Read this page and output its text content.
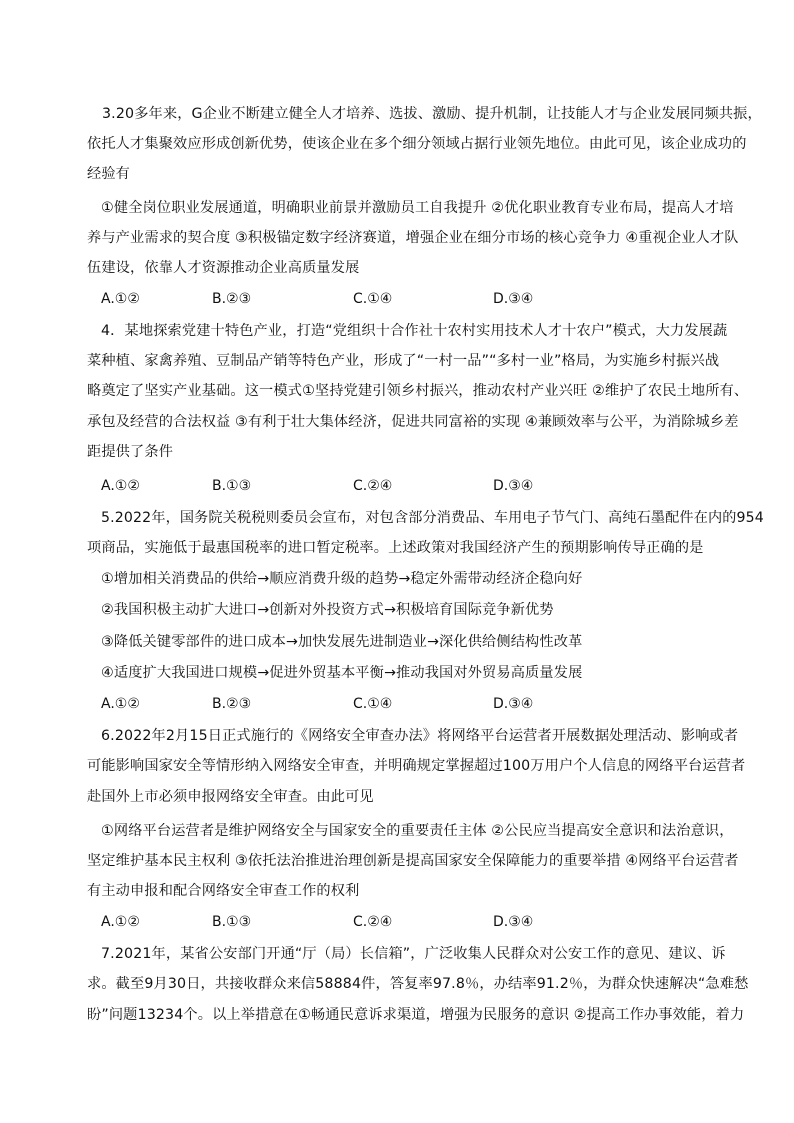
3.20多年来，G企业不断建立健全人才培养、选拔、激励、提升机制，让技能人才与企业发展同频共振，
依托人才集聚效应形成创新优势，使该企业在多个细分领域占据行业领先地位。由此可见，该企业成功的
经验有
①健全岗位职业发展通道，明确职业前景并激励员工自我提升 ②优化职业教育专业布局，提高人才培
养与产业需求的契合度 ③积极锚定数字经济赛道，增强企业在细分市场的核心竞争力 ④重视企业人才队
伍建设，依靠人才资源推动企业高质量发展
A.①②	B.②③	C.①④	D.③④
4．某地探索党建十特色产业，打造“党组织十合作社十农村实用技术人才十农户”模式，大力发展蔬
菜种植、家禽养殖、豆制品产销等特色产业，形成了“一村一品”“多村一业”格局，为实施乡村振兴战
略奠定了坚实产业基础。这一模式①坚持党建引领乡村振兴，推动农村产业兴旺 ②维护了农民土地所有、
承包及经营的合法权益 ③有利于壮大集体经济，促进共同富裕的实现 ④兼顾效率与公平，为消除城乡差
距提供了条件
A.①②	B.①③	C.②④	D.③④
5.2022年，国务院关税税则委员会宣布，对包含部分消费品、车用电子节气门、高纯石墨配件在内的954
项商品，实施低于最惠国税率的进口暂定税率。上述政策对我国经济产生的预期影响传导正确的是
①增加相关消费品的供给→顺应消费升级的趋势→稳定外需带动经济企稳向好
②我国积极主动扩大进口→创新对外投资方式→积极培育国际竞争新优势
③降低关键零部件的进口成本→加快发展先进制造业→深化供给侧结构性改革
④适度扩大我国进口规模→促进外贸基本平衡→推动我国对外贸易高质量发展
A.①②	B.②③	C.①④	D.③④
6.2022年2月15日正式施行的《网络安全审查办法》将网络平台运营者开展数据处理活动、影响或者
可能影响国家安全等情形纳入网络安全审查，并明确规定掌握超过100万用户个人信息的网络平台运营者
赴国外上市必须申报网络安全审查。由此可见
①网络平台运营者是维护网络安全与国家安全的重要责任主体 ②公民应当提高安全意识和法治意识，
坚定维护基本民主权利 ③依托法治推进治理创新是提高国家安全保障能力的重要举措 ④网络平台运营者
有主动申报和配合网络安全审查工作的权利
A.①②	B.①③	C.②④	D.③④
7.2021年，某省公安部门开通“厅（局）长信箱”，广泛收集人民群众对公安工作的意见、建议、诉
求。截至9月30日，共接收群众来信58884件，答复率97.8％，办结率91.2％，为群众快速解决“急难愁
盼”问题13234个。以上举措意在①畅通民意诉求渠道，增强为民服务的意识 ②提高工作办事效能，着力
